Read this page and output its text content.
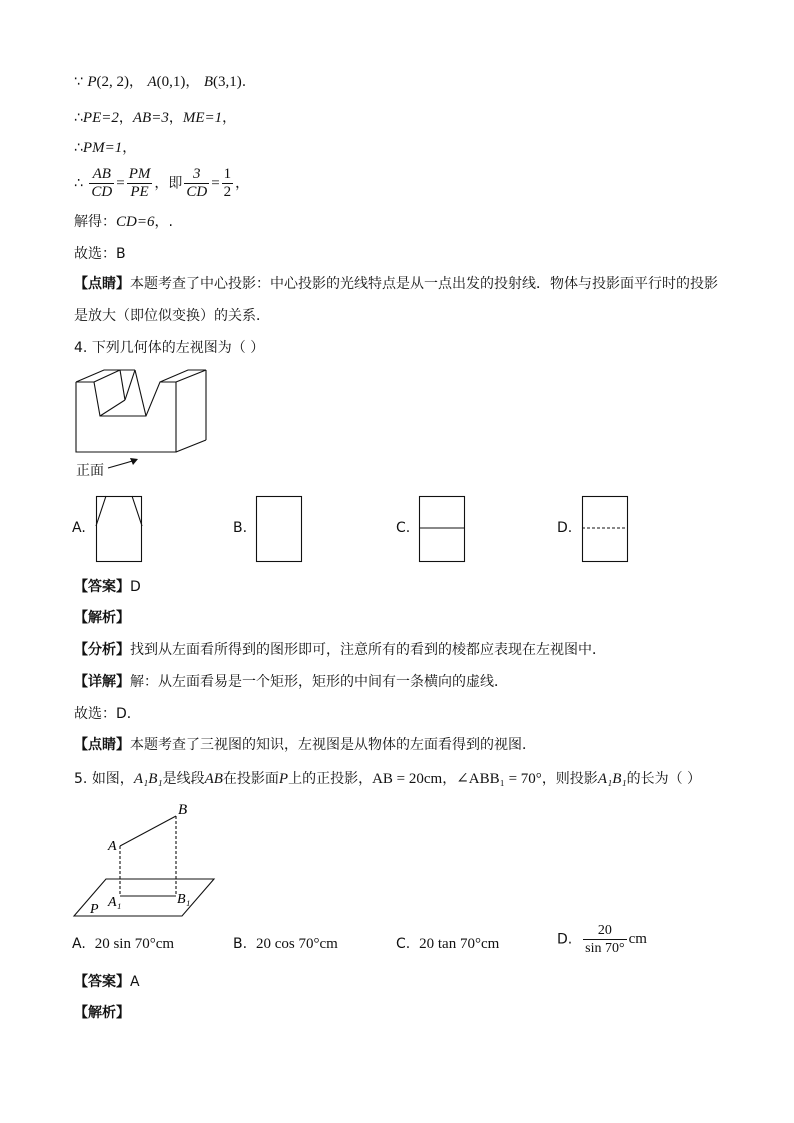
∵ P(2, 2)， A(0,1)， B(3,1).
∴PE=2，AB=3，ME=1，
∴PM=1，
∴ $\frac{AB}{CD} = \frac{PM}{PE}$ ，即 $\frac{3}{CD} = \frac{1}{2}$ ，
解得：CD=6，.
故选：B
【点睛】本题考查了中心投影：中心投影的光线特点是从一点出发的投射线．物体与投影面平行时的投影
是放大（即位似变换）的关系．
4. 下列几何体的左视图为（ ）
正面
A.	B.	C.	D.
【答案】D
【解析】
【分析】找到从左面看所得到的图形即可，注意所有的看到的棱都应表现在左视图中．
【详解】解：从左面看易是一个矩形，矩形的中间有一条横向的虚线．
故选：D．
【点睛】本题考查了三视图的知识，左视图是从物体的左面看得到的视图．
5. 如图，A₁B₁是线段AB在投影面P上的正投影，AB = 20cm，∠ABB₁ = 70°，则投影A₁B₁的长为（ ）
B
A
A₁	B₁
P
A. 20 sin 70°cm	B. 20 cos 70°cm	C. 20 tan 70°cm	D. $\frac{20}{\sin 70^\circ}$ cm
【答案】A
【解析】
